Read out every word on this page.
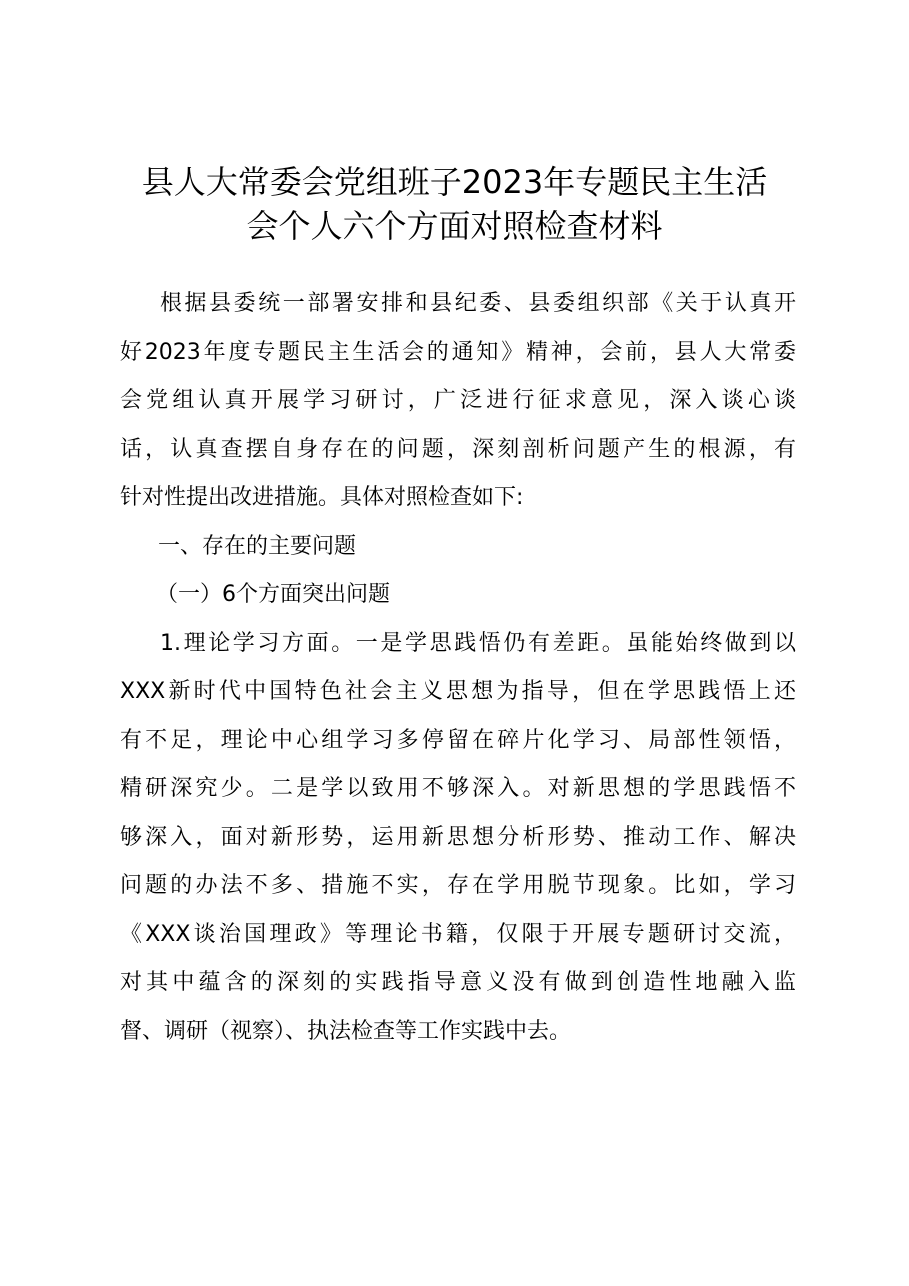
县人大常委会党组班子2023年专题民主生活
会个人六个方面对照检查材料

根据县委统一部署安排和县纪委、县委组织部《关于认真开
好2023年度专题民主生活会的通知》精神，会前，县人大常委
会党组认真开展学习研讨，广泛进行征求意见，深入谈心谈
话，认真查摆自身存在的问题，深刻剖析问题产生的根源，有
针对性提出改进措施。具体对照检查如下:

一、存在的主要问题

（一）6个方面突出问题

1.理论学习方面。一是学思践悟仍有差距。虽能始终做到以
XXX新时代中国特色社会主义思想为指导，但在学思践悟上还
有不足，理论中心组学习多停留在碎片化学习、局部性领悟，
精研深究少。二是学以致用不够深入。对新思想的学思践悟不
够深入，面对新形势，运用新思想分析形势、推动工作、解决
问题的办法不多、措施不实，存在学用脱节现象。比如，学习
《XXX谈治国理政》等理论书籍，仅限于开展专题研讨交流，
对其中蕴含的深刻的实践指导意义没有做到创造性地融入监
督、调研（视察）、执法检查等工作实践中去。
